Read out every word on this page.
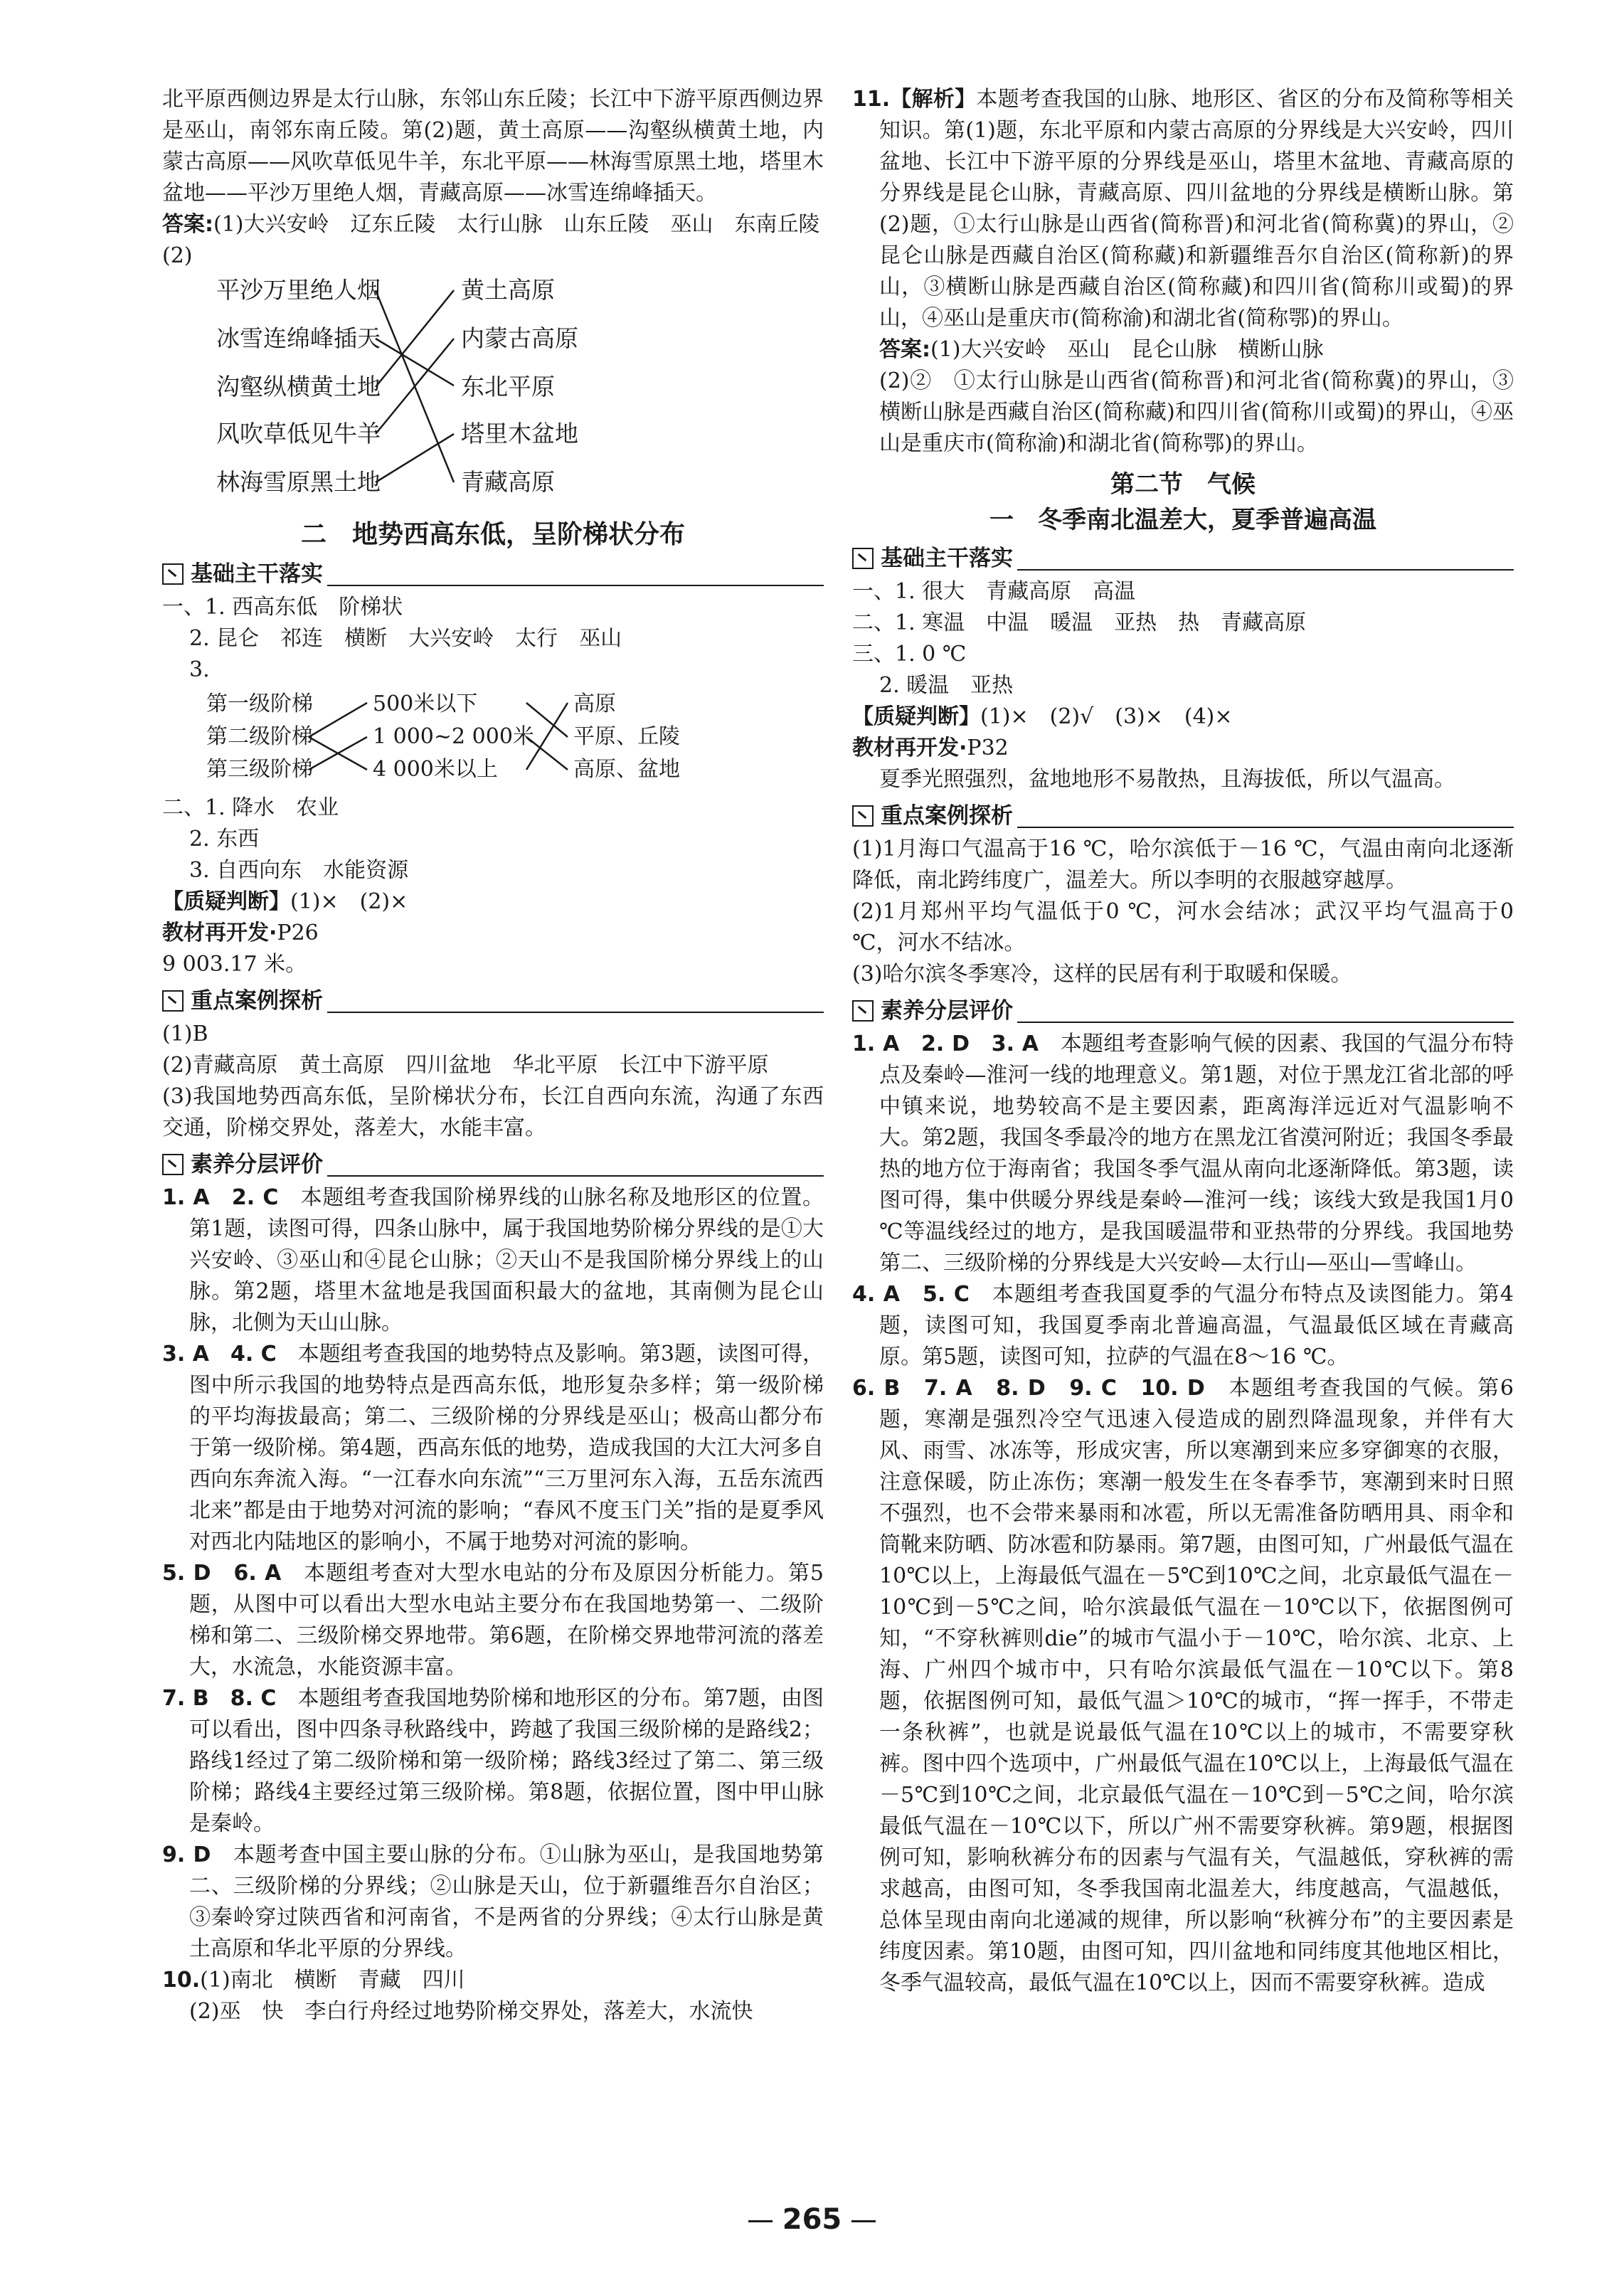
北平原西侧边界是太行山脉，东邻山东丘陵；长江中下游平原西侧边界是巫山，南邻东南丘陵。第(2)题，黄土高原——沟壑纵横黄土地，内蒙古高原——风吹草低见牛羊，东北平原——林海雪原黑土地，塔里木盆地——平沙万里绝人烟，青藏高原——冰雪连绵峰插天。

答案:(1)大兴安岭　辽东丘陵　太行山脉　山东丘陵　巫山　东南丘陵

(2)

平沙万里绝人烟
冰雪连绵峰插天
沟壑纵横黄土地
风吹草低见牛羊
林海雪原黑土地
黄土高原
内蒙古高原
东北平原
塔里木盆地
青藏高原
二　地势西高东低，呈阶梯状分布
基础主干落实

一、1. 西高东低　阶梯状

2. 昆仑　祁连　横断　大兴安岭　太行　巫山

3.

第一级阶梯
第二级阶梯
第三级阶梯
500米以下
1 000~2 000米
4 000米以上
高原
平原、丘陵
高原、盆地

二、1. 降水　农业

2. 东西

3. 自西向东　水能资源

【质疑判断】(1)×　(2)×

教材再开发·P26

9 003.17 米。

重点案例探析

(1)B

(2)青藏高原　黄土高原　四川盆地　华北平原　长江中下游平原

(3)我国地势西高东低，呈阶梯状分布，长江自西向东流，沟通了东西交通，阶梯交界处，落差大，水能丰富。

素养分层评价

1. A　2. C　本题组考查我国阶梯界线的山脉名称及地形区的位置。第1题，读图可得，四条山脉中，属于我国地势阶梯分界线的是①大兴安岭、③巫山和④昆仑山脉；②天山不是我国阶梯分界线上的山脉。第2题，塔里木盆地是我国面积最大的盆地，其南侧为昆仑山脉，北侧为天山山脉。

3. A　4. C　本题组考查我国的地势特点及影响。第3题，读图可得，图中所示我国的地势特点是西高东低，地形复杂多样；第一级阶梯的平均海拔最高；第二、三级阶梯的分界线是巫山；极高山都分布于第一级阶梯。第4题，西高东低的地势，造成我国的大江大河多自西向东奔流入海。“一江春水向东流”“三万里河东入海，五岳东流西北来”都是由于地势对河流的影响；“春风不度玉门关”指的是夏季风对西北内陆地区的影响小，不属于地势对河流的影响。

5. D　6. A　本题组考查对大型水电站的分布及原因分析能力。第5题，从图中可以看出大型水电站主要分布在我国地势第一、二级阶梯和第二、三级阶梯交界地带。第6题，在阶梯交界地带河流的落差大，水流急，水能资源丰富。

7. B　8. C　本题组考查我国地势阶梯和地形区的分布。第7题，由图可以看出，图中四条寻秋路线中，跨越了我国三级阶梯的是路线2；路线1经过了第二级阶梯和第一级阶梯；路线3经过了第二、第三级阶梯；路线4主要经过第三级阶梯。第8题，依据位置，图中甲山脉是秦岭。

9. D　本题考查中国主要山脉的分布。①山脉为巫山，是我国地势第二、三级阶梯的分界线；②山脉是天山，位于新疆维吾尔自治区；③秦岭穿过陕西省和河南省，不是两省的分界线；④太行山脉是黄土高原和华北平原的分界线。

10.(1)南北　横断　青藏　四川

(2)巫　快　李白行舟经过地势阶梯交界处，落差大，水流快

11.【解析】本题考查我国的山脉、地形区、省区的分布及简称等相关知识。第(1)题，东北平原和内蒙古高原的分界线是大兴安岭，四川盆地、长江中下游平原的分界线是巫山，塔里木盆地、青藏高原的分界线是昆仑山脉，青藏高原、四川盆地的分界线是横断山脉。第(2)题，①太行山脉是山西省(简称晋)和河北省(简称冀)的界山，②昆仑山脉是西藏自治区(简称藏)和新疆维吾尔自治区(简称新)的界山，③横断山脉是西藏自治区(简称藏)和四川省(简称川或蜀)的界山，④巫山是重庆市(简称渝)和湖北省(简称鄂)的界山。

答案:(1)大兴安岭　巫山　昆仑山脉　横断山脉

(2)②　①太行山脉是山西省(简称晋)和河北省(简称冀)的界山，③横断山脉是西藏自治区(简称藏)和四川省(简称川或蜀)的界山，④巫山是重庆市(简称渝)和湖北省(简称鄂)的界山。

第二节　气候
一　冬季南北温差大，夏季普遍高温
基础主干落实

一、1. 很大　青藏高原　高温

二、1. 寒温　中温　暖温　亚热　热　青藏高原

三、1. 0 ℃

2. 暖温　亚热

【质疑判断】(1)×　(2)√　(3)×　(4)×

教材再开发·P32

夏季光照强烈，盆地地形不易散热，且海拔低，所以气温高。

重点案例探析

(1)1月海口气温高于16 ℃，哈尔滨低于－16 ℃，气温由南向北逐渐降低，南北跨纬度广，温差大。所以李明的衣服越穿越厚。

(2)1月郑州平均气温低于0 ℃，河水会结冰；武汉平均气温高于0 ℃，河水不结冰。

(3)哈尔滨冬季寒冷，这样的民居有利于取暖和保暖。

素养分层评价

1. A　2. D　3. A　本题组考查影响气候的因素、我国的气温分布特点及秦岭—淮河一线的地理意义。第1题，对位于黑龙江省北部的呼中镇来说，地势较高不是主要因素，距离海洋远近对气温影响不大。第2题，我国冬季最冷的地方在黑龙江省漠河附近；我国冬季最热的地方位于海南省；我国冬季气温从南向北逐渐降低。第3题，读图可得，集中供暖分界线是秦岭—淮河一线；该线大致是我国1月0 ℃等温线经过的地方，是我国暖温带和亚热带的分界线。我国地势第二、三级阶梯的分界线是大兴安岭—太行山—巫山—雪峰山。

4. A　5. C　本题组考查我国夏季的气温分布特点及读图能力。第4题，读图可知，我国夏季南北普遍高温，气温最低区域在青藏高原。第5题，读图可知，拉萨的气温在8～16 ℃。

6. B　7. A　8. D　9. C　10. D　本题组考查我国的气候。第6题，寒潮是强烈冷空气迅速入侵造成的剧烈降温现象，并伴有大风、雨雪、冰冻等，形成灾害，所以寒潮到来应多穿御寒的衣服，注意保暖，防止冻伤；寒潮一般发生在冬春季节，寒潮到来时日照不强烈，也不会带来暴雨和冰雹，所以无需准备防晒用具、雨伞和筒靴来防晒、防冰雹和防暴雨。第7题，由图可知，广州最低气温在10℃以上，上海最低气温在－5℃到10℃之间，北京最低气温在－10℃到－5℃之间，哈尔滨最低气温在－10℃以下，依据图例可知，“不穿秋裤则die”的城市气温小于－10℃，哈尔滨、北京、上海、广州四个城市中，只有哈尔滨最低气温在－10℃以下。第8题，依据图例可知，最低气温＞10℃的城市，“挥一挥手，不带走一条秋裤”，也就是说最低气温在10℃以上的城市，不需要穿秋裤。图中四个选项中，广州最低气温在10℃以上，上海最低气温在－5℃到10℃之间，北京最低气温在－10℃到－5℃之间，哈尔滨最低气温在－10℃以下，所以广州不需要穿秋裤。第9题，根据图例可知，影响秋裤分布的因素与气温有关，气温越低，穿秋裤的需求越高，由图可知，冬季我国南北温差大，纬度越高，气温越低，总体呈现由南向北递减的规律，所以影响“秋裤分布”的主要因素是纬度因素。第10题，由图可知，四川盆地和同纬度其他地区相比，冬季气温较高，最低气温在10℃以上，因而不需要穿秋裤。造成

265
